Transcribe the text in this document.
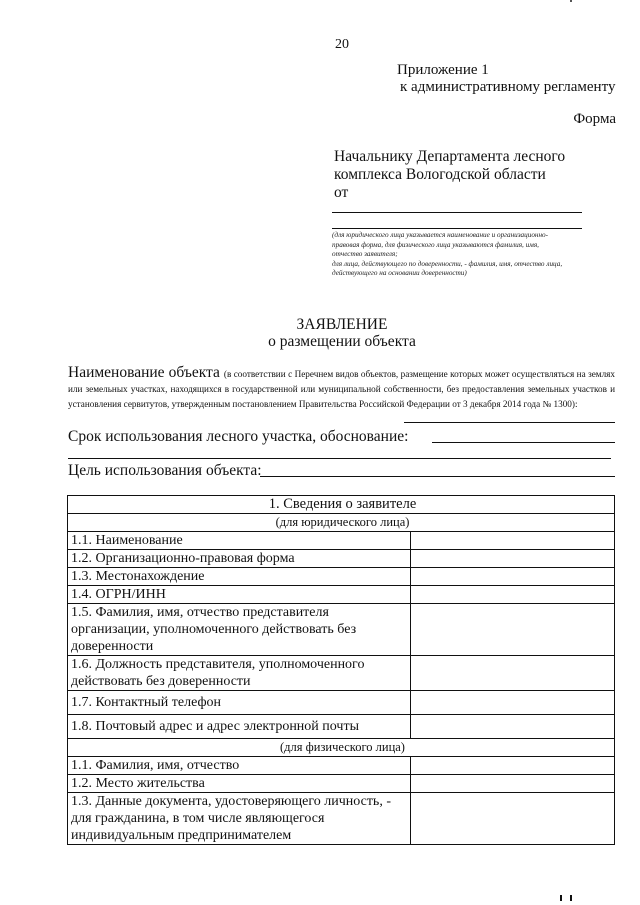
20
Приложение 1
к административному регламенту
Форма
Начальнику Департамента лесного
комплекса Вологодской области
от
(для юридического лица указывается наименование и организационно-
правовая форма, для физического лица указываются фамилия, имя,
отчество заявителя;
для лица, действующего по доверенности, - фамилия, имя, отчество лица,
действующего на основании доверенности)
ЗАЯВЛЕНИЕ
о размещении объекта
Наименование объекта (в соответствии с Перечнем видов объектов, размещение которых может осуществляться на землях или земельных участках, находящихся в государственной или муниципальной собственности, без предоставления земельных участков и установления сервитутов, утвержденным постановлением Правительства Российской Федерации от 3 декабря 2014 года № 1300):
Срок использования лесного участка, обоснование:
Цель использования объекта:
1. Сведения о заявителе	
(для юридического лица)	
1.1. Наименование	
1.2. Организационно-правовая форма	
1.3. Местонахождение	
1.4. ОГРН/ИНН	
1.5. Фамилия, имя, отчество представителя организации, уполномоченного действовать без доверенности	
1.6. Должность представителя, уполномоченного действовать без доверенности	
1.7. Контактный телефон	
1.8. Почтовый адрес и адрес электронной почты	
(для физического лица)	
1.1. Фамилия, имя, отчество	
1.2. Место жительства	
1.3. Данные документа, удостоверяющего личность, - для гражданина, в том числе являющегося индивидуальным предпринимателем	
